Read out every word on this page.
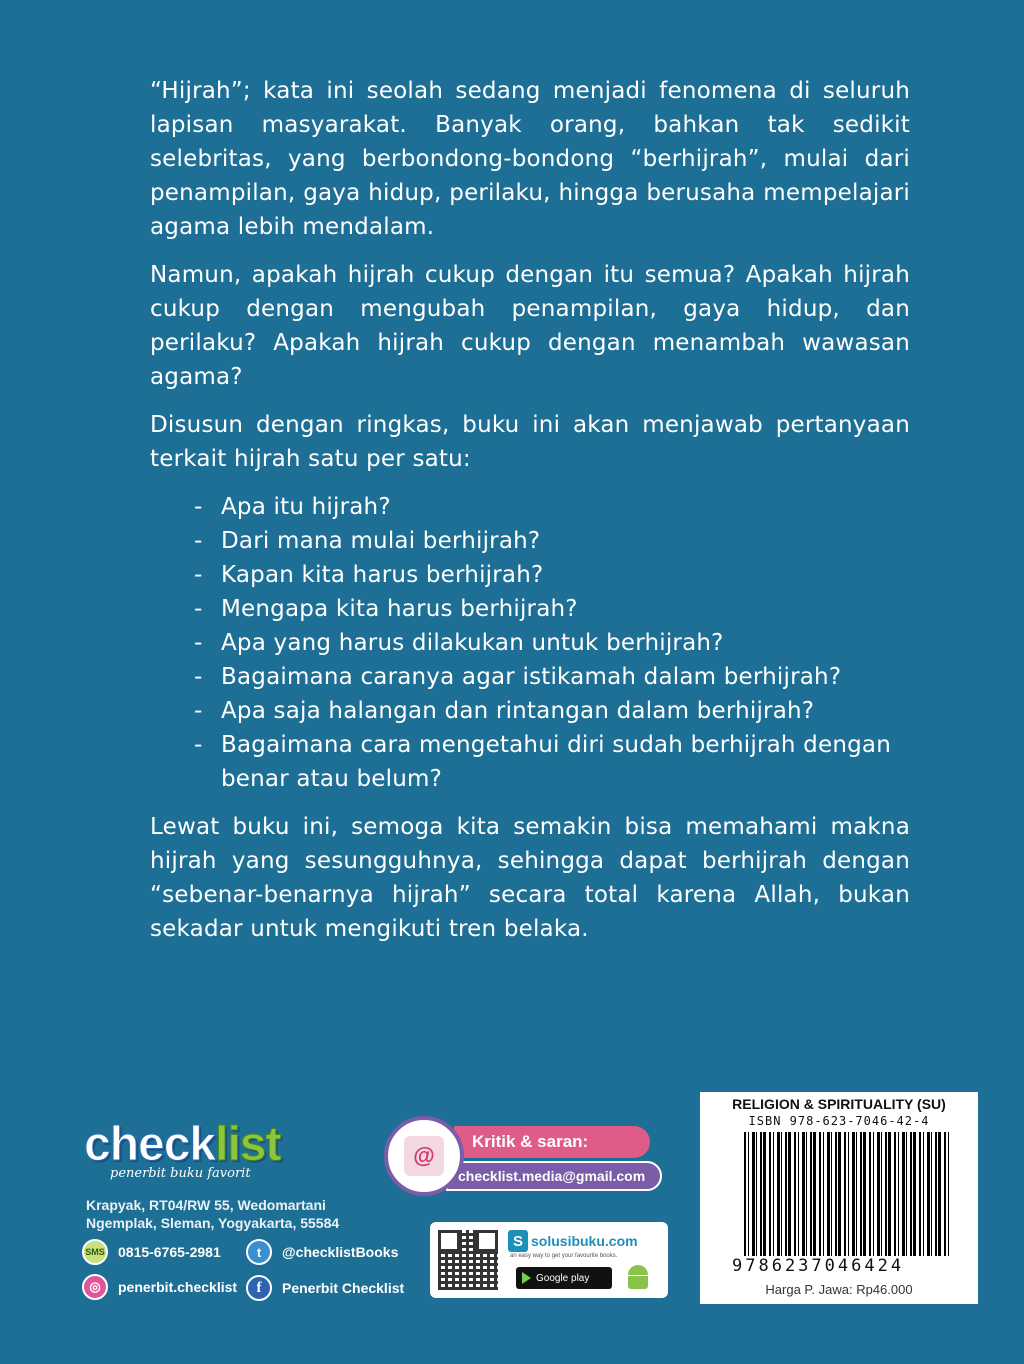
“Hijrah”; kata ini seolah sedang menjadi fenomena di seluruh lapisan masyarakat. Banyak orang, bahkan tak sedikit selebritas, yang berbondong-bondong “berhijrah”, mulai dari penampilan, gaya hidup, perilaku, hingga berusaha mempelajari agama lebih mendalam.

Namun, apakah hijrah cukup dengan itu semua? Apakah hijrah cukup dengan mengubah penampilan, gaya hidup, dan perilaku? Apakah hijrah cukup dengan menambah wawasan agama?

Disusun dengan ringkas, buku ini akan menjawab pertanyaan terkait hijrah satu per satu:

- Apa itu hijrah?
- Dari mana mulai berhijrah?
- Kapan kita harus berhijrah?
- Mengapa kita harus berhijrah?
- Apa yang harus dilakukan untuk berhijrah?
- Bagaimana caranya agar istikamah dalam berhijrah?
- Apa saja halangan dan rintangan dalam berhijrah?
- Bagaimana cara mengetahui diri sudah berhijrah dengan benar atau belum?

Lewat buku ini, semoga kita semakin bisa memahami makna hijrah yang sesungguhnya, sehingga dapat berhijrah dengan “sebenar-benarnya hijrah” secara total karena Allah, bukan sekadar untuk mengikuti tren belaka.

checklist
penerbit buku favorit
Krapyak, RT04/RW 55, Wedomartani
Ngemplak, Sleman, Yogyakarta, 55584
SMS 0815-6765-2981	t	@checklistBooks
◎	penerbit.checklist	f	Penerbit Checklist
Kritik & saran:
checklist.media@gmail.com
@
S solusibuku.com
an easy way to get your favourite books.
Google play
RELIGION & SPIRITUALITY (SU)
ISBN 978-623-7046-42-4
9786237046424
Harga P. Jawa: Rp46.000
